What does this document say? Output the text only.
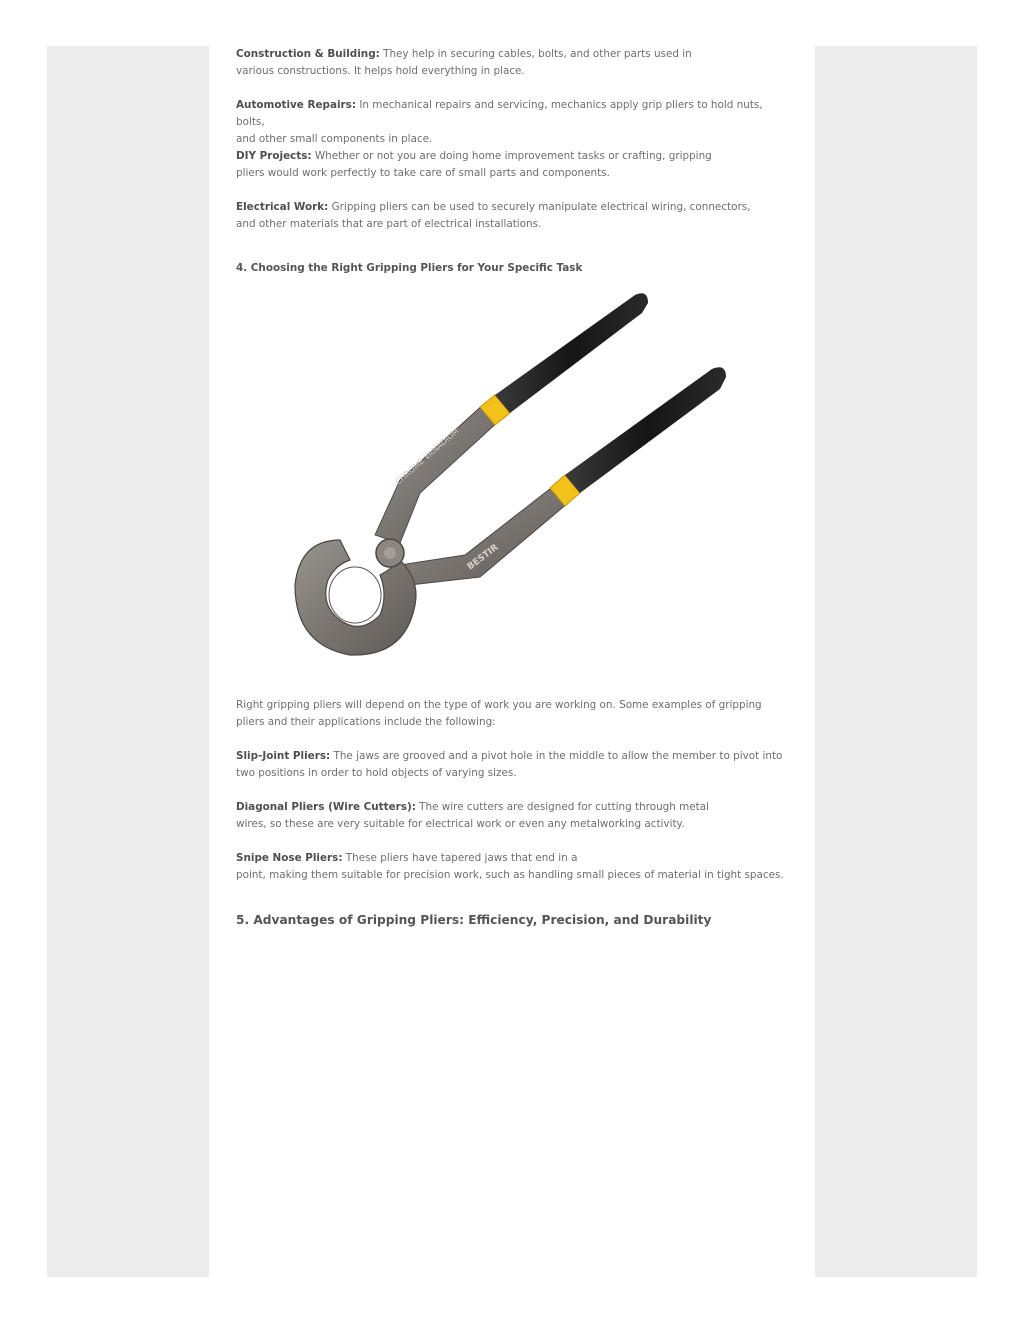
Construction & Building: They help in securing cables, bolts, and other parts used in
various constructions. It helps hold everything in place.
Automotive Repairs: In mechanical repairs and servicing, mechanics apply grip pliers to hold nuts, bolts,
and other small components in place.
DIY Projects: Whether or not you are doing home improvement tasks or crafting, gripping
pliers would work perfectly to take care of small parts and components.
Electrical Work: Gripping pliers can be used to securely manipulate electrical wiring, connectors,
and other materials that are part of electrical installations.
4. Choosing the Right Gripping Pliers for Your Specific Task
CHROME VANADIUM
BESTIR
Right gripping pliers will depend on the type of work you are working on. Some examples of gripping
pliers and their applications include the following:
Slip-Joint Pliers: The jaws are grooved and a pivot hole in the middle to allow the member to pivot into
two positions in order to hold objects of varying sizes.
Diagonal Pliers (Wire Cutters): The wire cutters are designed for cutting through metal
wires, so these are very suitable for electrical work or even any metalworking activity.
Snipe Nose Pliers: These pliers have tapered jaws that end in a
point, making them suitable for precision work, such as handling small pieces of material in tight spaces.
5. Advantages of Gripping Pliers: Efficiency, Precision, and Durability
